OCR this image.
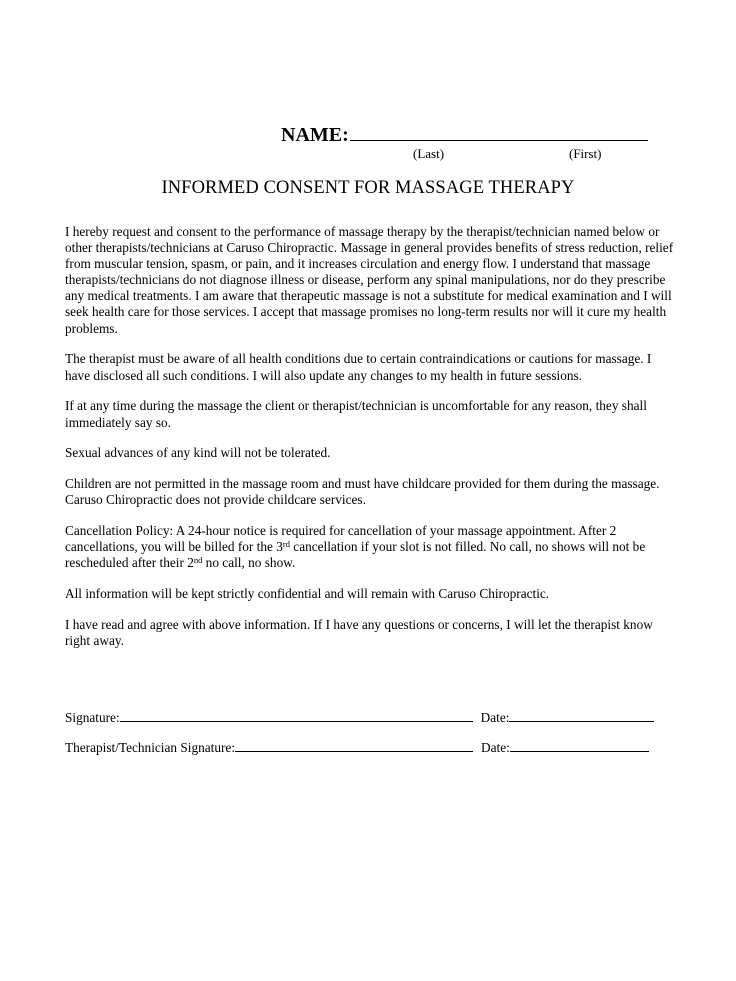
NAME:
(Last)	(First)
INFORMED CONSENT FOR MASSAGE THERAPY

I hereby request and consent to the performance of massage therapy by the therapist/technician named below or other therapists/technicians at Caruso Chiropractic. Massage in general provides benefits of stress reduction, relief from muscular tension, spasm, or pain, and it increases circulation and energy flow. I understand that massage therapists/technicians do not diagnose illness or disease, perform any spinal manipulations, nor do they prescribe any medical treatments. I am aware that therapeutic massage is not a substitute for medical examination and I will seek health care for those services. I accept that massage promises no long-term results nor will it cure my health problems.

The therapist must be aware of all health conditions due to certain contraindications or cautions for massage. I have disclosed all such conditions. I will also update any changes to my health in future sessions.

If at any time during the massage the client or therapist/technician is uncomfortable for any reason, they shall immediately say so.

Sexual advances of any kind will not be tolerated.

Children are not permitted in the massage room and must have childcare provided for them during the massage. Caruso Chiropractic does not provide childcare services.

Cancellation Policy: A 24-hour notice is required for cancellation of your massage appointment. After 2 cancellations, you will be billed for the 3rd cancellation if your slot is not filled. No call, no shows will not be rescheduled after their 2nd no call, no show.

All information will be kept strictly confidential and will remain with Caruso Chiropractic.

I have read and agree with above information. If I have any questions or concerns, I will let the therapist know right away.

Signature:	Date:
Therapist/Technician Signature:	Date:
